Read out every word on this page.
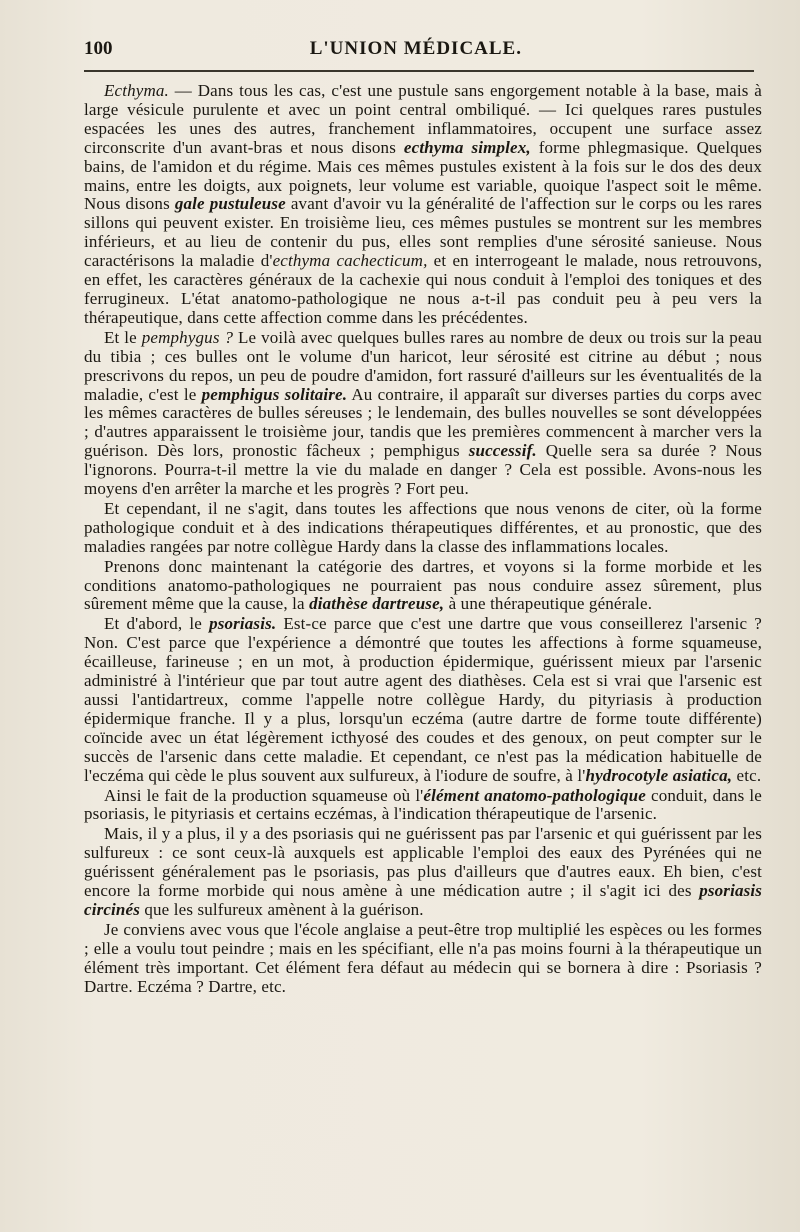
100	L'UNION MÉDICALE.

Ecthyma. — Dans tous les cas, c'est une pustule sans engorgement notable à la base, mais à large vésicule purulente et avec un point central ombiliqué. — Ici quelques rares pustules espacées les unes des autres, franchement inflammatoires, occupent une surface assez circonscrite d'un avant-bras et nous disons ecthyma simplex, forme phlegmasique. Quelques bains, de l'amidon et du régime. Mais ces mêmes pustules existent à la fois sur le dos des deux mains, entre les doigts, aux poignets, leur volume est variable, quoique l'aspect soit le même. Nous disons gale pustuleuse avant d'avoir vu la généralité de l'affection sur le corps ou les rares sillons qui peuvent exister. En troisième lieu, ces mêmes pustules se montrent sur les membres inférieurs, et au lieu de contenir du pus, elles sont remplies d'une sérosité sanieuse. Nous caractérisons la maladie d'ecthyma cachecticum, et en interrogeant le malade, nous retrouvons, en effet, les caractères généraux de la cachexie qui nous conduit à l'emploi des toniques et des ferrugineux. L'état anatomo-pathologique ne nous a-t-il pas conduit peu à peu vers la thérapeutique, dans cette affection comme dans les précédentes.

Et le pemphygus ? Le voilà avec quelques bulles rares au nombre de deux ou trois sur la peau du tibia ; ces bulles ont le volume d'un haricot, leur sérosité est citrine au début ; nous prescrivons du repos, un peu de poudre d'amidon, fort rassuré d'ailleurs sur les éventualités de la maladie, c'est le pemphigus solitaire. Au contraire, il apparaît sur diverses parties du corps avec les mêmes caractères de bulles séreuses ; le lendemain, des bulles nouvelles se sont développées ; d'autres apparaissent le troisième jour, tandis que les premières commencent à marcher vers la guérison. Dès lors, pronostic fâcheux ; pemphigus successif. Quelle sera sa durée ? Nous l'ignorons. Pourra-t-il mettre la vie du malade en danger ? Cela est possible. Avons-nous les moyens d'en arrêter la marche et les progrès ? Fort peu.

Et cependant, il ne s'agit, dans toutes les affections que nous venons de citer, où la forme pathologique conduit et à des indications thérapeutiques différentes, et au pronostic, que des maladies rangées par notre collègue Hardy dans la classe des inflammations locales.

Prenons donc maintenant la catégorie des dartres, et voyons si la forme morbide et les conditions anatomo-pathologiques ne pourraient pas nous conduire assez sûrement, plus sûrement même que la cause, la diathèse dartreuse, à une thérapeutique générale.

Et d'abord, le psoriasis. Est-ce parce que c'est une dartre que vous conseillerez l'arsenic ? Non. C'est parce que l'expérience a démontré que toutes les affections à forme squameuse, écailleuse, farineuse ; en un mot, à production épidermique, guérissent mieux par l'arsenic administré à l'intérieur que par tout autre agent des diathèses. Cela est si vrai que l'arsenic est aussi l'antidartreux, comme l'appelle notre collègue Hardy, du pityriasis à production épidermique franche. Il y a plus, lorsqu'un eczéma (autre dartre de forme toute différente) coïncide avec un état légèrement icthyosé des coudes et des genoux, on peut compter sur le succès de l'arsenic dans cette maladie. Et cependant, ce n'est pas la médication habituelle de l'eczéma qui cède le plus souvent aux sulfureux, à l'iodure de soufre, à l'hydrocotyle asiatica, etc.

Ainsi le fait de la production squameuse où l'élément anatomo-pathologique conduit, dans le psoriasis, le pityriasis et certains eczémas, à l'indication thérapeutique de l'arsenic.

Mais, il y a plus, il y a des psoriasis qui ne guérissent pas par l'arsenic et qui guérissent par les sulfureux : ce sont ceux-là auxquels est applicable l'emploi des eaux des Pyrénées qui ne guérissent généralement pas le psoriasis, pas plus d'ailleurs que d'autres eaux. Eh bien, c'est encore la forme morbide qui nous amène à une médication autre ; il s'agit ici des psoriasis circinés que les sulfureux amènent à la guérison.

Je conviens avec vous que l'école anglaise a peut-être trop multiplié les espèces ou les formes ; elle a voulu tout peindre ; mais en les spécifiant, elle n'a pas moins fourni à la thérapeutique un élément très important. Cet élément fera défaut au médecin qui se bornera à dire : Psoriasis ? Dartre. Eczéma ? Dartre, etc.
